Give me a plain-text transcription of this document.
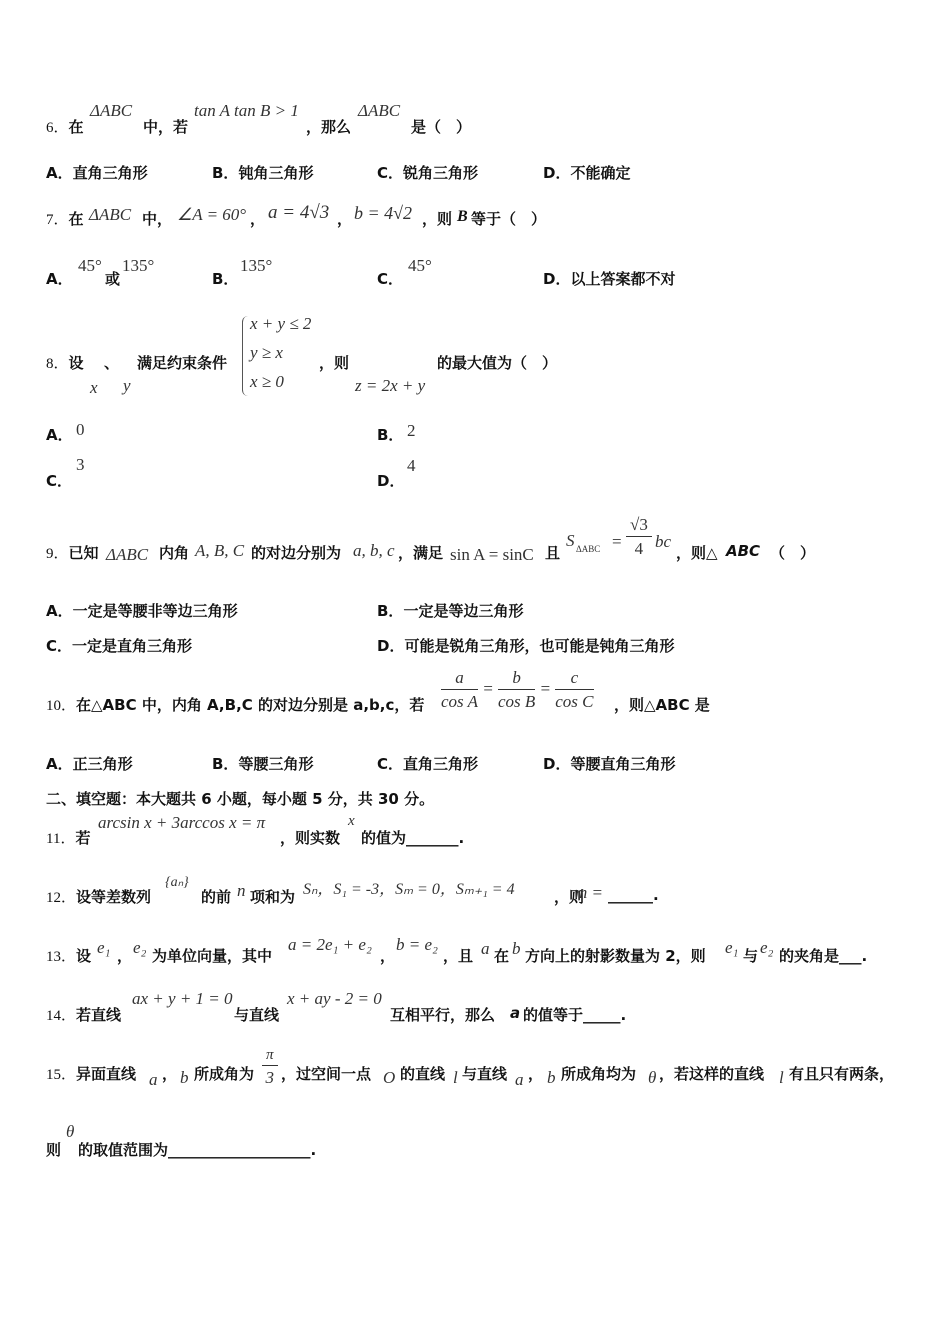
6．在
ΔABC
中，若
tan A tan B > 1
，那么
ΔABC
是（　）
A．直角三角形	B．钝角三角形	C．锐角三角形	D．不能确定
7．在 ΔABC 中， ∠A = 60° ， a = 4√3 ， b = 4√2 ，则 B 等于（　）
A．
45°
或
135°
B．
135°
C．
45°
D．以上答案都不对
8．设 、 满足约束条件
x y
x + y ≤ 2
y ≥ x
x ≥ 0
，则
z = 2x + y
的最大值为（　）
A． 0	B． 2
C．
3
D．
4
9．已知 ΔABC 内角 A, B, C 的对边分别为 a, b, c ，满足 sin A = sinC 且
S $\Delta ABC = \frac{√3}{4}$ bc
，则△ ABC （　）
A．一定是等腰非等边三角形	B．一定是等边三角形
C．一定是直角三角形	D．可能是锐角三角形，也可能是钝角三角形
10．在△ABC 中，内角 A,B,C 的对边分别是 a,b,c，若 $\frac{a}{\text{cos A}} = \frac{b}{\text{cos B}} = \frac{c}{\text{cos C}}$ ，则△ABC 是
A．正三角形	B．等腰三角形	C．直角三角形	D．等腰直角三角形
二、填空题：本大题共 6 小题，每小题 5 分，共 30 分。
11．若
arcsin x + 3arccos x = π
，则实数
x
的值为_______.
12．设等差数列
{aₙ}
的前 n 项和为 Sₙ，S₁ = -3，Sₘ = 0，Sₘ₊₁ = 4	，则
m = ______.
13．设 e₁ ， e₂ 为单位向量，其中
a = 2e₁ + e₂
，
b = e₂
，且 a 在 b 方向上的射影数量为 2，则 e₁ 与 e₂ 的夹角是___.
14．若直线
ax + y + 1 = 0
与直线
x + ay - 2 = 0
互相平行，那么 a 的值等于_____.
15．异面直线 a ， b 所成角为 $\frac{\pi}{3}$ ，过空间一点 O 的直线 l 与直线 a ， b 所成角均为 θ ，若这样的直线 l 有且只有两条，
则
θ
的取值范围为___________________.
